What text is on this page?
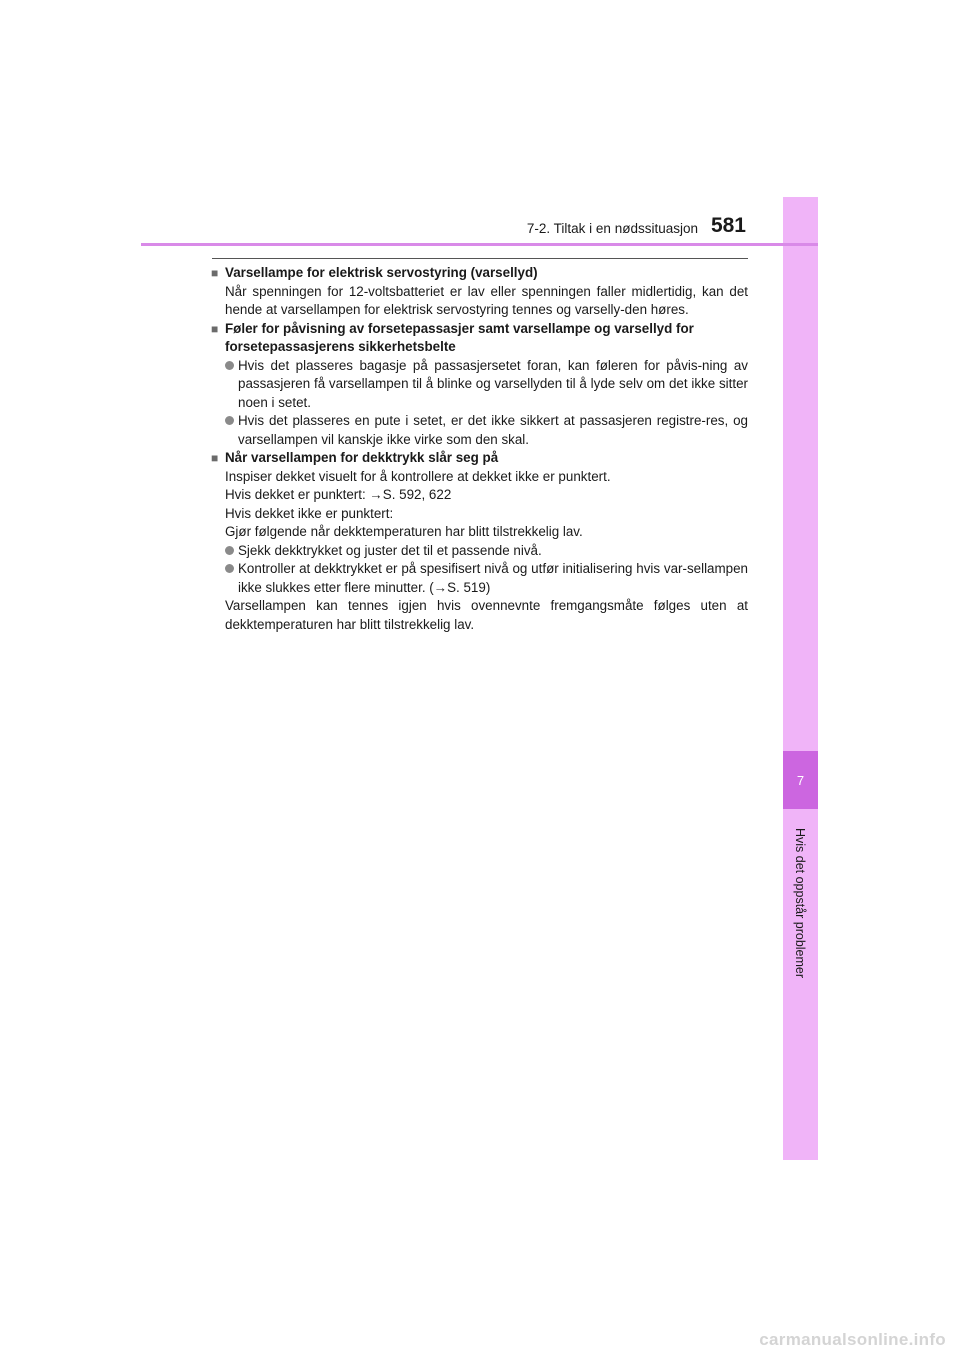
7
Hvis det oppstår problemer
7-2. Tiltak i en nødssituasjon 581

■ Varsellampe for elektrisk servostyring (varsellyd)

Når spenningen for 12-voltsbatteriet er lav eller spenningen faller midlertidig, kan det hende at varsellampen for elektrisk servostyring tennes og varselly-den høres.

■ Føler for påvisning av forsetepassasjer samt varsellampe og varsellyd for forsetepassasjerens sikkerhetsbelte

Hvis det plasseres bagasje på passasjersetet foran, kan føleren for påvis-ning av passasjeren få varsellampen til å blinke og varsellyden til å lyde selv om det ikke sitter noen i setet.

Hvis det plasseres en pute i setet, er det ikke sikkert at passasjeren registre-res, og varsellampen vil kanskje ikke virke som den skal.

■ Når varsellampen for dekktrykk slår seg på

Inspiser dekket visuelt for å kontrollere at dekket ikke er punktert.

Hvis dekket er punktert: →S. 592, 622

Hvis dekket ikke er punktert:

Gjør følgende når dekktemperaturen har blitt tilstrekkelig lav.

Sjekk dekktrykket og juster det til et passende nivå.

Kontroller at dekktrykket er på spesifisert nivå og utfør initialisering hvis var-sellampen ikke slukkes etter flere minutter. (→S. 519)

Varsellampen kan tennes igjen hvis ovennevnte fremgangsmåte følges uten at dekktemperaturen har blitt tilstrekkelig lav.

carmanualsonline.info
